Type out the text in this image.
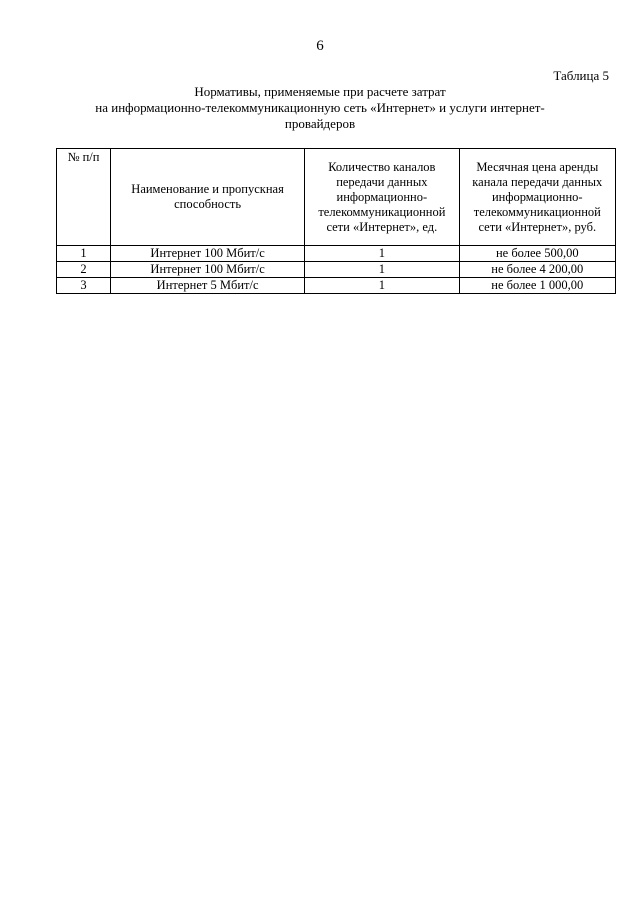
6
Таблица 5
Нормативы, применяемые при расчете затрат
на информационно-телекоммуникационную сеть «Интернет» и услуги интернет-
провайдеров
№ п/п	Наименование и пропускная способность	Количество каналов передачи данных информационно-телекоммуникационной сети «Интернет», ед.	Месячная цена аренды канала передачи данных информационно-телекоммуникационной сети «Интернет», руб.
1	Интернет 100 Мбит/с	1	не более 500,00
2	Интернет 100 Мбит/с	1	не более 4 200,00
3	Интернет 5 Мбит/с	1	не более 1 000,00
